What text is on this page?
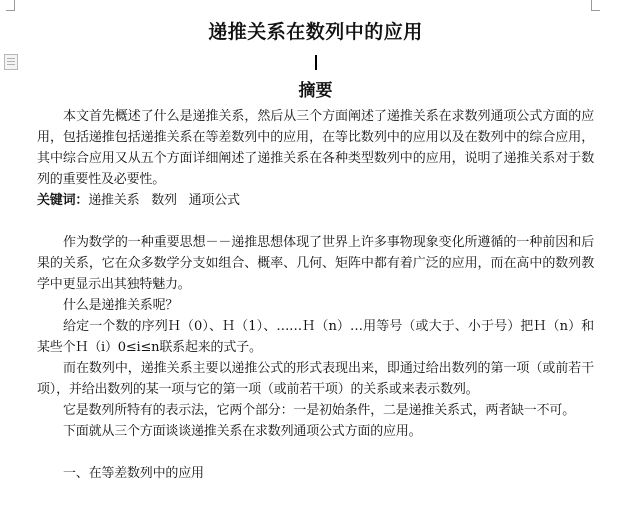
递推关系在数列中的应用
摘要

本文首先概述了什么是递推关系，然后从三个方面阐述了递推关系在求数列通项公式方面的应用，包括递推包括递推关系在等差数列中的应用，在等比数列中的应用以及在数列中的综合应用，其中综合应用又从五个方面详细阐述了递推关系在各种类型数列中的应用，说明了递推关系对于数列的重要性及必要性。

关键词：递推关系   数列   通项公式

作为数学的一种重要思想－－递推思想体现了世界上许多事物现象变化所遵循的一种前因和后果的关系，它在众多数学分支如组合、概率、几何、矩阵中都有着广泛的应用，而在高中的数列教学中更显示出其独特魅力。

什么是递推关系呢？

给定一个数的序列Ｈ（0）、Ｈ（1）、……Ｈ（n）…用等号（或大于、小于号）把Ｈ（n）和某些个Ｈ（i）0≤i≤n联系起来的式子。

而在数列中，递推关系主要以递推公式的形式表现出来，即通过给出数列的第一项（或前若干项），并给出数列的某一项与它的第一项（或前若干项）的关系或来表示数列。

它是数列所特有的表示法，它两个部分：一是初始条件，二是递推关系式，两者缺一不可。

下面就从三个方面谈谈递推关系在求数列通项公式方面的应用。

一、在等差数列中的应用
